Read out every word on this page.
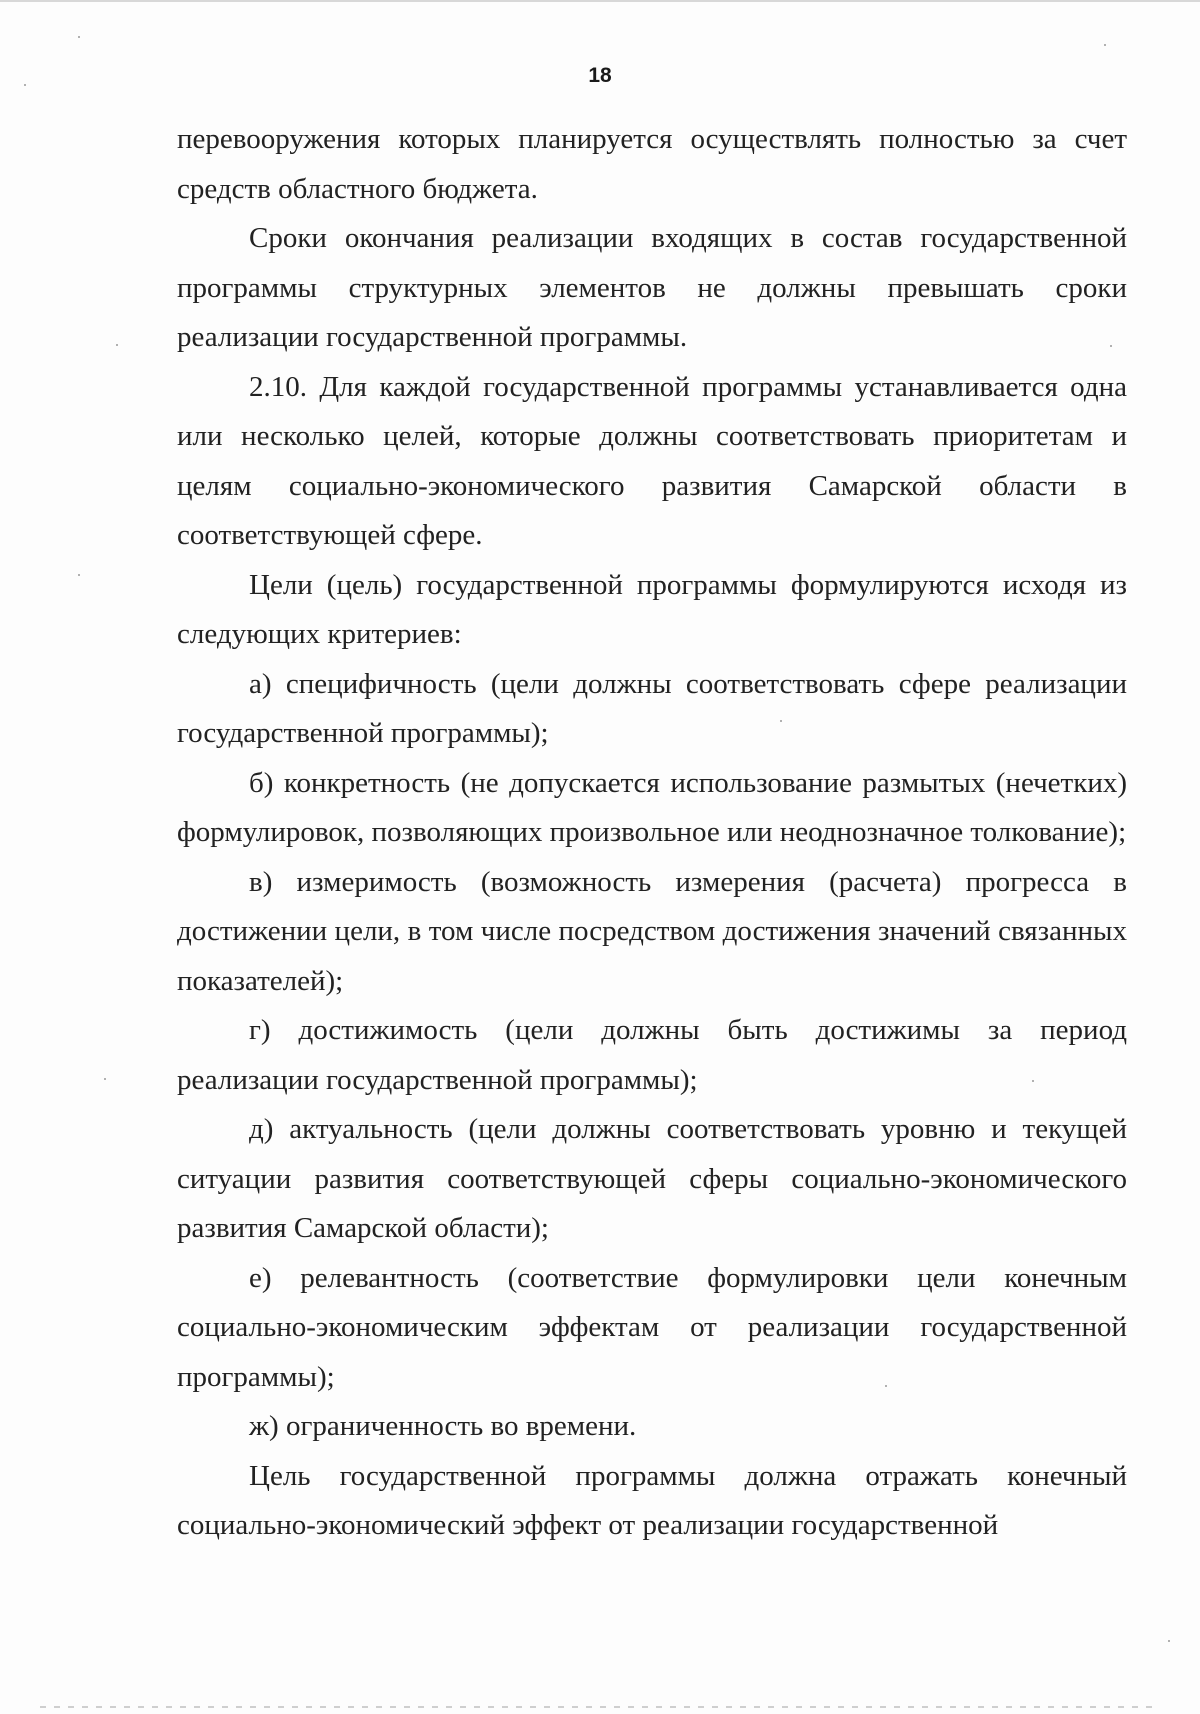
18

перевооружения которых планируется осуществлять полностью за счет средств областного бюджета.

Сроки окончания реализации входящих в состав государственной программы структурных элементов не должны превышать сроки реализации государственной программы.

2.10. Для каждой государственной программы устанавливается одна или несколько целей, которые должны соответствовать приоритетам и целям социально-экономического развития Самарской области в соответствующей сфере.

Цели (цель) государственной программы формулируются исходя из следующих критериев:

а) специфичность (цели должны соответствовать сфере реализации государственной программы);

б) конкретность (не допускается использование размытых (нечетких) формулировок, позволяющих произвольное или неоднозначное толкование);

в) измеримость (возможность измерения (расчета) прогресса в достижении цели, в том числе посредством достижения значений связанных показателей);

г) достижимость (цели должны быть достижимы за период реализации государственной программы);

д) актуальность (цели должны соответствовать уровню и текущей ситуации развития соответствующей сферы социально-экономического развития Самарской области);

е) релевантность (соответствие формулировки цели конечным социально-экономическим эффектам от реализации государственной программы);

ж) ограниченность во времени.

Цель государственной программы должна отражать конечный социально-экономический эффект от реализации государственной
